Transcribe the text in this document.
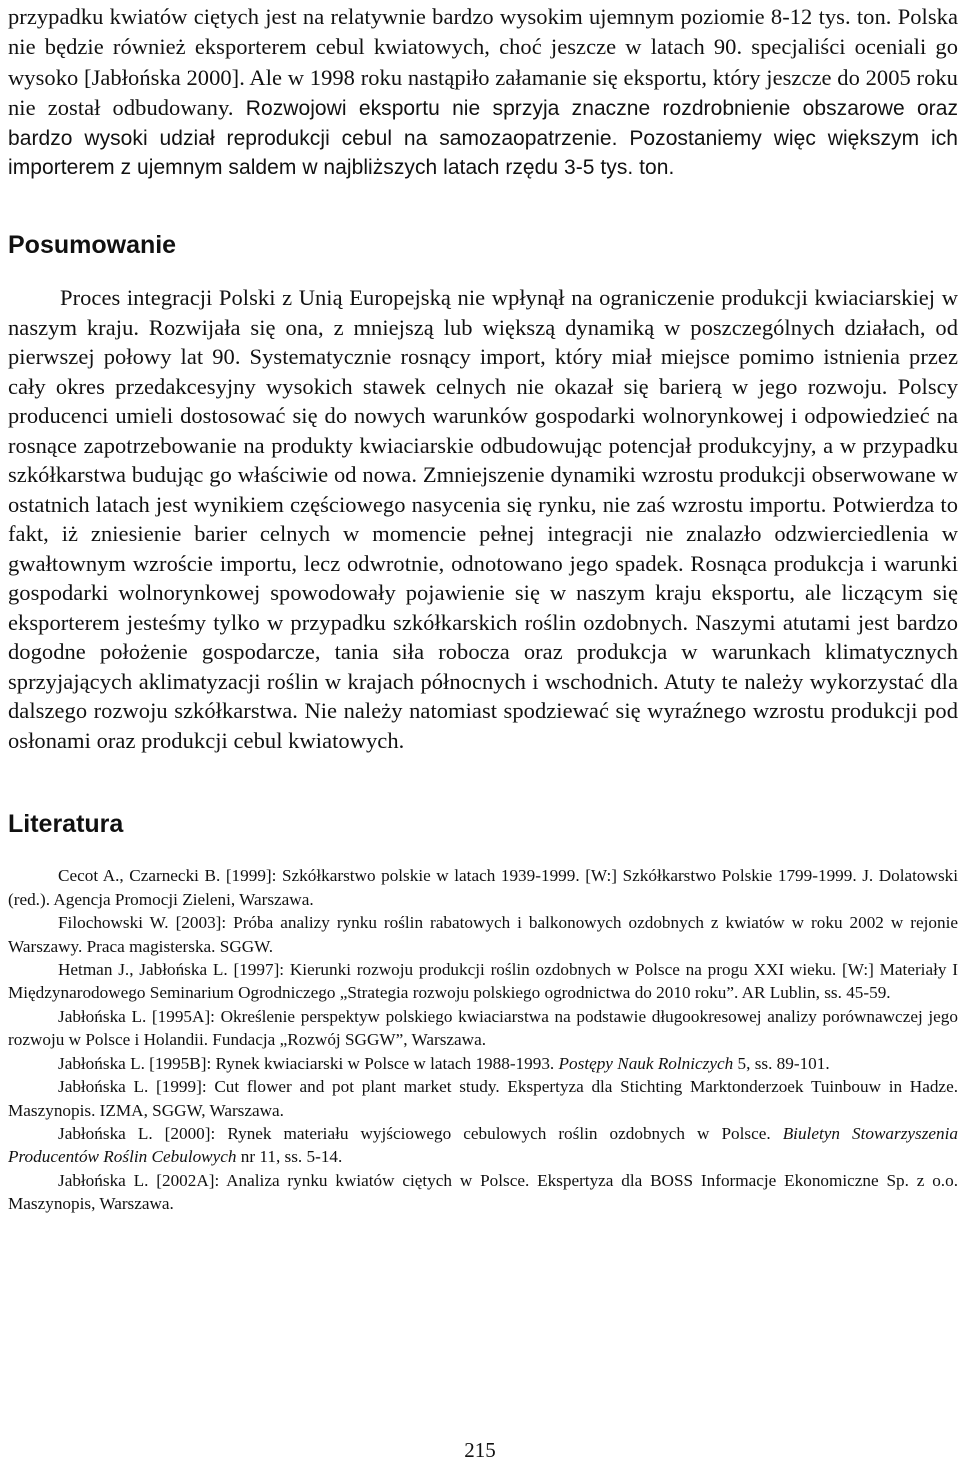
przypadku kwiatów ciętych jest na relatywnie bardzo wysokim ujemnym poziomie 8-12 tys. ton. Polska nie będzie również eksporterem cebul kwiatowych, choć jeszcze w latach 90. specjaliści oceniali go wysoko [Jabłońska 2000]. Ale w 1998 roku nastąpiło załamanie się eksportu, który jeszcze do 2005 roku nie został odbudowany. Rozwojowi eksportu nie sprzyja znaczne rozdrobnienie obszarowe oraz bardzo wysoki udział reprodukcji cebul na samozaopatrzenie. Pozostaniemy więc większym ich importerem z ujemnym saldem w najbliższych latach rzędu 3-5 tys. ton.

Posumowanie

Proces integracji Polski z Unią Europejską nie wpłynął na ograniczenie produkcji kwiaciarskiej w naszym kraju. Rozwijała się ona, z mniejszą lub większą dynamiką w poszczególnych działach, od pierwszej połowy lat 90. Systematycznie rosnący import, który miał miejsce pomimo istnienia przez cały okres przedakcesyjny wysokich stawek celnych nie okazał się barierą w jego rozwoju. Polscy producenci umieli dostosować się do nowych warunków gospodarki wolnorynkowej i odpowiedzieć na rosnące zapotrzebowanie na produkty kwiaciarskie odbudowując potencjał produkcyjny, a w przypadku szkółkarstwa budując go właściwie od nowa. Zmniejszenie dynamiki wzrostu produkcji obserwowane w ostatnich latach jest wynikiem częściowego nasycenia się rynku, nie zaś wzrostu importu. Potwierdza to fakt, iż zniesienie barier celnych w momencie pełnej integracji nie znalazło odzwierciedlenia w gwałtownym wzroście importu, lecz odwrotnie, odnotowano jego spadek. Rosnąca produkcja i warunki gospodarki wolnorynkowej spowodowały pojawienie się w naszym kraju eksportu, ale liczącym się eksporterem jesteśmy tylko w przypadku szkółkarskich roślin ozdobnych. Naszymi atutami jest bardzo dogodne położenie gospodarcze, tania siła robocza oraz produkcja w warunkach klimatycznych sprzyjających aklimatyzacji roślin w krajach północnych i wschodnich. Atuty te należy wykorzystać dla dalszego rozwoju szkółkarstwa. Nie należy natomiast spodziewać się wyraźnego wzrostu produkcji pod osłonami oraz produkcji cebul kwiatowych.

Literatura

Cecot A., Czarnecki B. [1999]: Szkółkarstwo polskie w latach 1939-1999. [W:] Szkółkarstwo Polskie 1799-1999. J. Dolatowski (red.). Agencja Promocji Zieleni, Warszawa.

Filochowski W. [2003]: Próba analizy rynku roślin rabatowych i balkonowych ozdobnych z kwiatów w roku 2002 w rejonie Warszawy. Praca magisterska. SGGW.

Hetman J., Jabłońska L. [1997]: Kierunki rozwoju produkcji roślin ozdobnych w Polsce na progu XXI wieku. [W:] Materiały I Międzynarodowego Seminarium Ogrodniczego „Strategia rozwoju polskiego ogrodnictwa do 2010 roku”. AR Lublin, ss. 45-59.

Jabłońska L. [1995A]: Określenie perspektyw polskiego kwiaciarstwa na podstawie długookresowej analizy porównawczej jego rozwoju w Polsce i Holandii. Fundacja „Rozwój SGGW”, Warszawa.

Jabłońska L. [1995B]: Rynek kwiaciarski w Polsce w latach 1988-1993. Postępy Nauk Rolniczych 5, ss. 89-101.

Jabłońska L. [1999]: Cut flower and pot plant market study. Ekspertyza dla Stichting Marktonderzoek Tuinbouw in Hadze. Maszynopis. IZMA, SGGW, Warszawa.

Jabłońska L. [2000]: Rynek materiału wyjściowego cebulowych roślin ozdobnych w Polsce. Biuletyn Stowarzyszenia Producentów Roślin Cebulowych nr 11, ss. 5-14.

Jabłońska L. [2002A]: Analiza rynku kwiatów ciętych w Polsce. Ekspertyza dla BOSS Informacje Ekonomiczne Sp. z o.o. Maszynopis, Warszawa.

215
